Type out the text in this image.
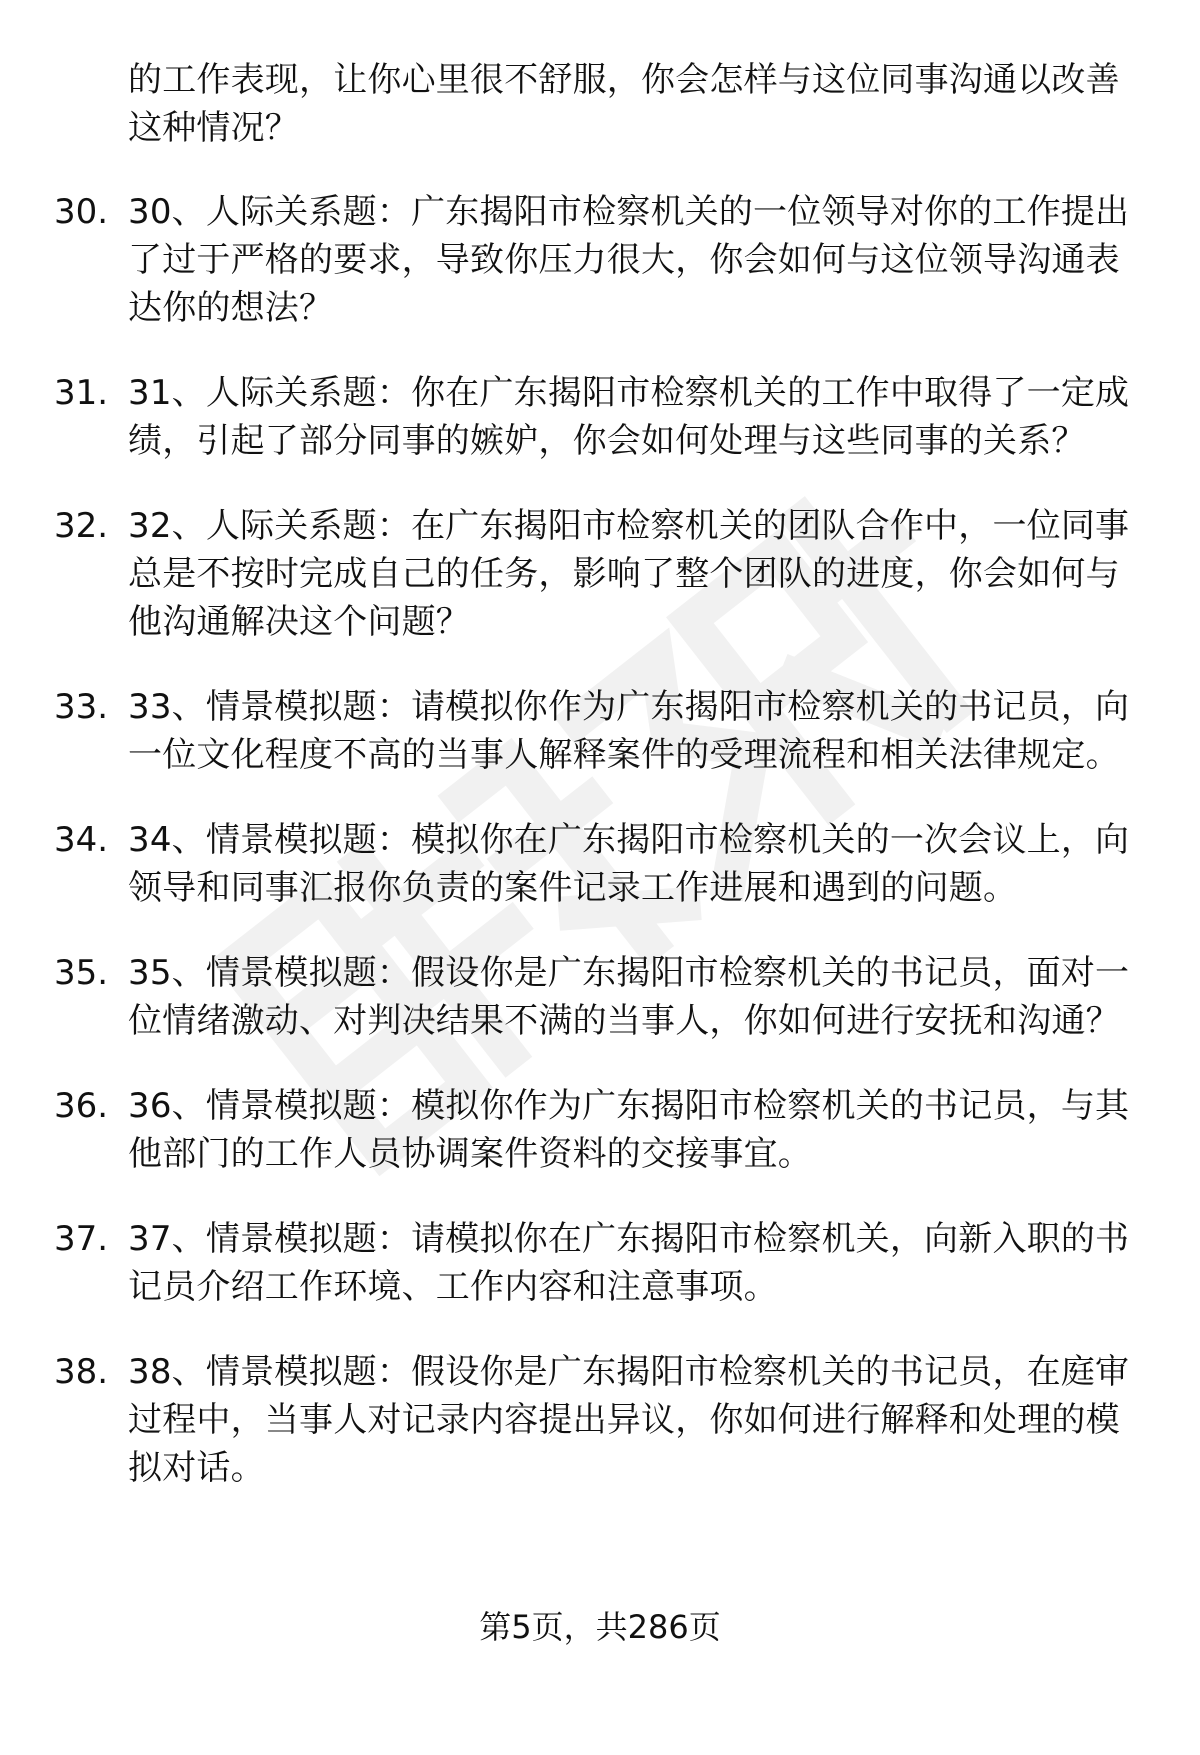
的工作表现，让你心里很不舒服，你会怎样与这位同事沟通以改善这种情况？
30. 30、人际关系题：广东揭阳市检察机关的一位领导对你的工作提出了过于严格的要求，导致你压力很大，你会如何与这位领导沟通表达你的想法？
31. 31、人际关系题：你在广东揭阳市检察机关的工作中取得了一定成绩，引起了部分同事的嫉妒，你会如何处理与这些同事的关系？
32. 32、人际关系题：在广东揭阳市检察机关的团队合作中，一位同事总是不按时完成自己的任务，影响了整个团队的进度，你会如何与他沟通解决这个问题？
33. 33、情景模拟题：请模拟你作为广东揭阳市检察机关的书记员，向一位文化程度不高的当事人解释案件的受理流程和相关法律规定。
34. 34、情景模拟题：模拟你在广东揭阳市检察机关的一次会议上，向领导和同事汇报你负责的案件记录工作进展和遇到的问题。
35. 35、情景模拟题：假设你是广东揭阳市检察机关的书记员，面对一位情绪激动、对判决结果不满的当事人，你如何进行安抚和沟通？
36. 36、情景模拟题：模拟你作为广东揭阳市检察机关的书记员，与其他部门的工作人员协调案件资料的交接事宜。
37. 37、情景模拟题：请模拟你在广东揭阳市检察机关，向新入职的书记员介绍工作环境、工作内容和注意事项。
38. 38、情景模拟题：假设你是广东揭阳市检察机关的书记员，在庭审过程中，当事人对记录内容提出异议，你如何进行解释和处理的模拟对话。
第5页，共286页
